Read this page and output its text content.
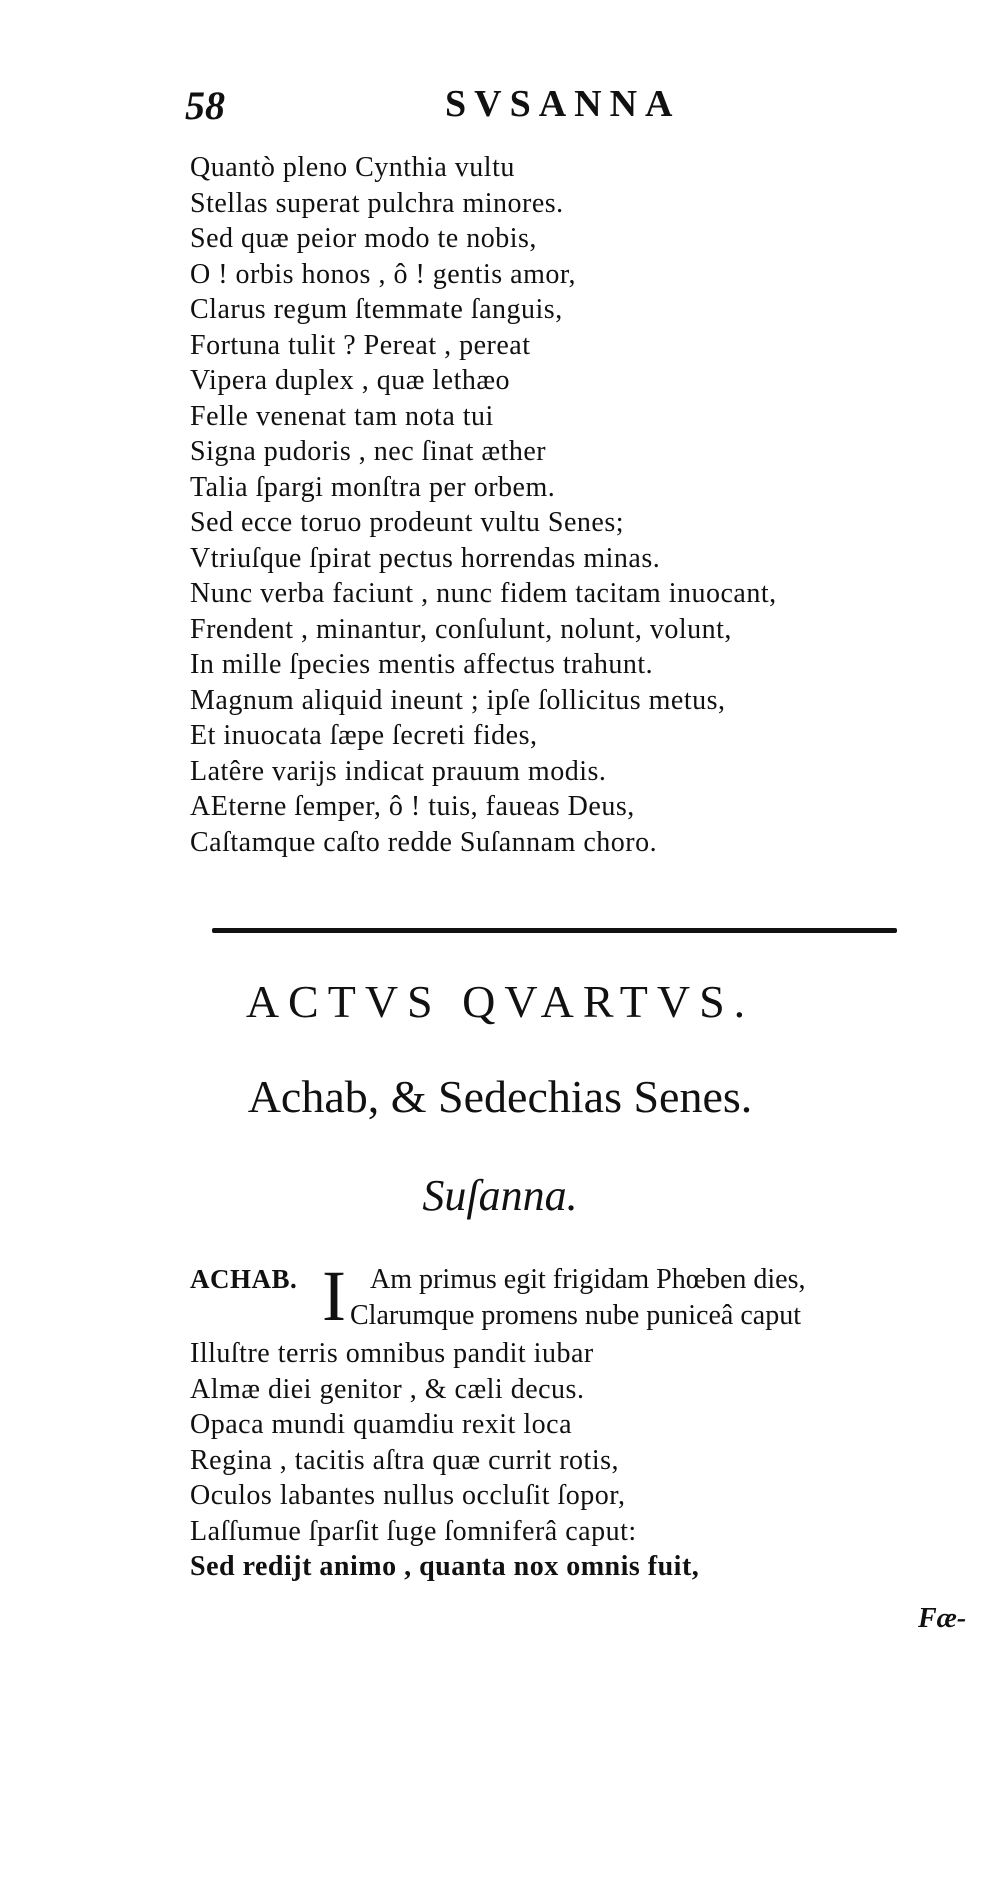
58	SVSANNA
Quantò pleno Cynthia vultu
Stellas superat pulchra minores.
Sed quæ peior modo te nobis,
O ! orbis honos , ô ! gentis amor,
Clarus regum ſtemmate ſanguis,
Fortuna tulit ? Pereat , pereat
Vipera duplex , quæ lethæo
Felle venenat tam nota tui
Signa pudoris , nec ſinat æther
Talia ſpargi monſtra per orbem.
Sed ecce toruo prodeunt vultu Senes;
Vtriuſque ſpirat pectus horrendas minas.
Nunc verba faciunt , nunc fidem tacitam inuocant,
Frendent , minantur, conſulunt, nolunt, volunt,
In mille ſpecies mentis affectus trahunt.
Magnum aliquid ineunt ; ipſe ſollicitus metus,
Et inuocata ſæpe ſecreti fides,
Latêre varijs indicat prauum modis.
AEterne ſemper, ô ! tuis, faueas Deus,
Caſtamque caſto redde Suſannam choro.
ACTVS QVARTVS.
Achab, & Sedechias Senes.
Suſanna.
ACHAB. I Am primus egit frigidam Phœben dies,
Clarumque promens nube puniceâ caput
Illuſtre terris omnibus pandit iubar
Almæ diei genitor , & cæli decus.
Opaca mundi quamdiu rexit loca
Regina , tacitis aſtra quæ currit rotis,
Oculos labantes nullus occluſit ſopor,
Laſſumue ſparſit ſuge ſomniferâ caput:
Sed redijt animo , quanta nox omnis fuit,
Fæ-
